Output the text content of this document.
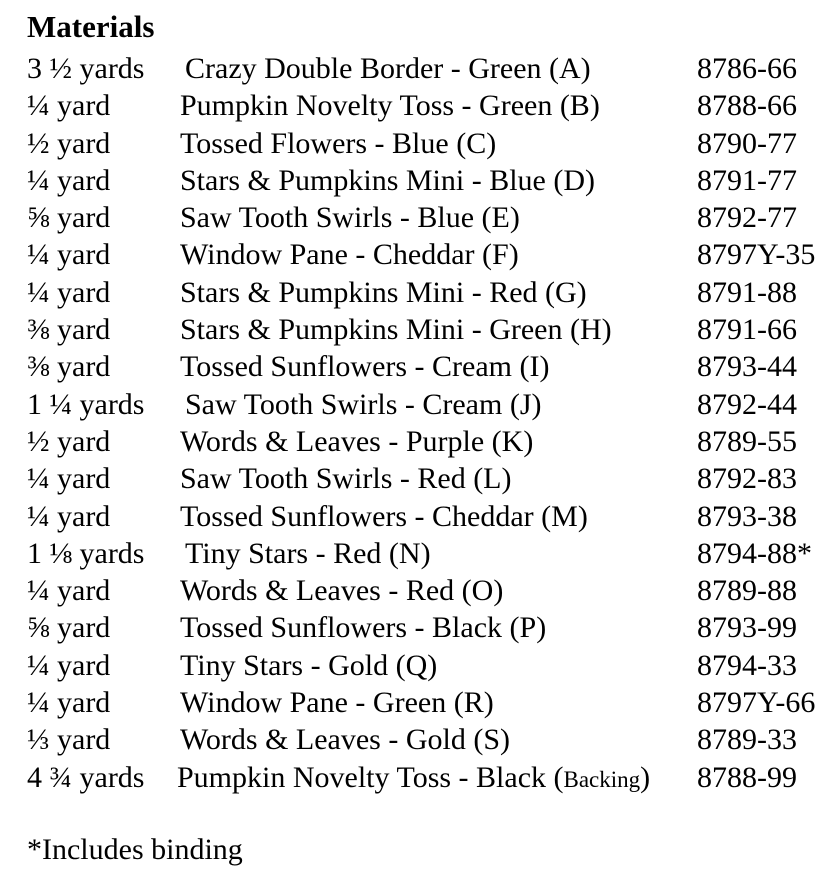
Materials
3 ½ yards Crazy Double Border - Green (A)	8786-66
¼ yard Pumpkin Novelty Toss - Green (B)	8788-66
½ yard Tossed Flowers - Blue (C)	8790-77
¼ yard Stars & Pumpkins Mini - Blue (D)	8791-77
⅝ yard Saw Tooth Swirls - Blue (E)	8792-77
¼ yard Window Pane - Cheddar (F)	8797Y-35
¼ yard Stars & Pumpkins Mini - Red (G)	8791-88
⅜ yard Stars & Pumpkins Mini - Green (H)	8791-66
⅜ yard Tossed Sunflowers - Cream (I)	8793-44
1 ¼ yards Saw Tooth Swirls - Cream (J)	8792-44
½ yard Words & Leaves - Purple (K)	8789-55
¼ yard Saw Tooth Swirls - Red (L)	8792-83
¼ yard Tossed Sunflowers - Cheddar (M)	8793-38
1 ⅛ yards Tiny Stars - Red (N)	8794-88*
¼ yard Words & Leaves - Red (O)	8789-88
⅝ yard Tossed Sunflowers - Black (P)	8793-99
¼ yard Tiny Stars - Gold (Q)	8794-33
¼ yard Window Pane - Green (R)	8797Y-66
⅓ yard Words & Leaves - Gold (S)	8789-33
4 ¾ yards Pumpkin Novelty Toss - Black (Backing) 8788-99
*Includes binding
